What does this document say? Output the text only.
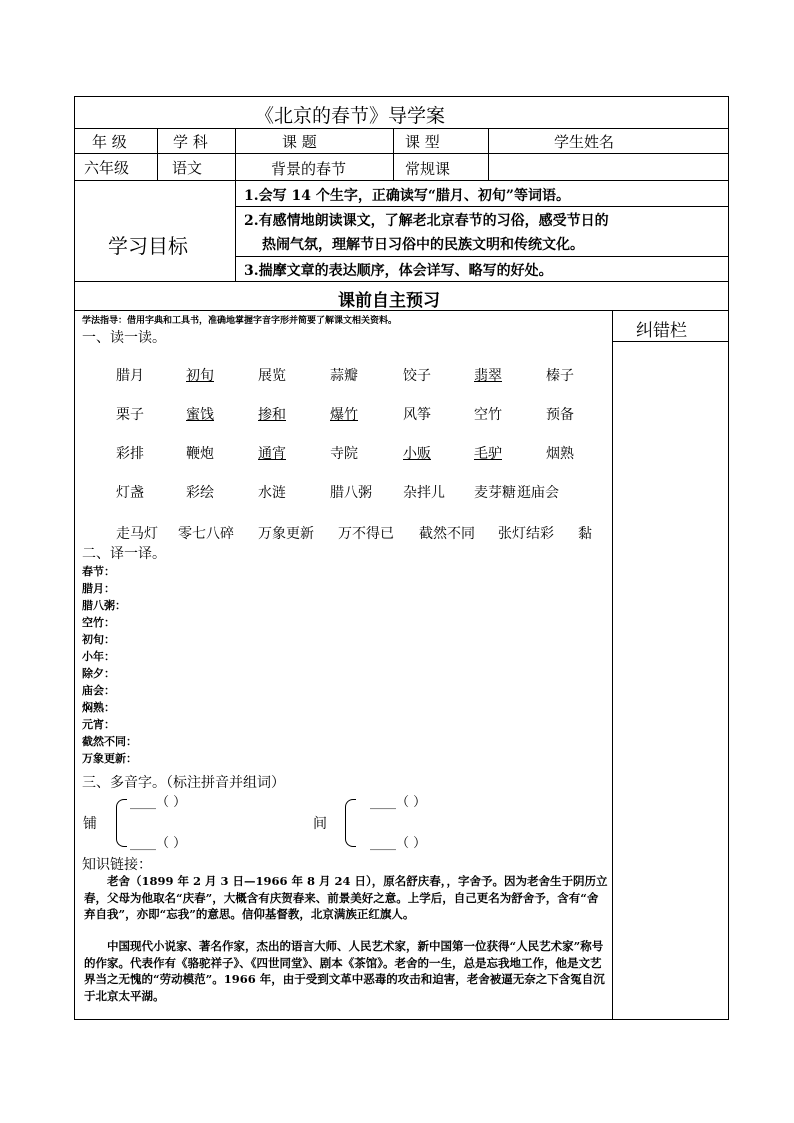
《北京的春节》导学案
年 级	学 科	课 题	课 型	学生姓名
六年级	语文	背景的春节	常规课
学习目标
1.会写 14 个生字，正确读写“腊月、初旬”等词语。
2.有感情地朗读课文，了解老北京春节的习俗，感受节日的
热闹气氛，理解节日习俗中的民族文明和传统文化。
3.揣摩文章的表达顺序，体会详写、略写的好处。
课前自主预习
学法指导：借用字典和工具书，准确地掌握字音字形并简要了解课文相关资料。	纠错栏
一、读一读。
腊月	初旬	展览	蒜瓣	饺子	翡翠	榛子
栗子	蜜饯	掺和	爆竹	风筝	空竹	预备
彩排	鞭炮	通宵	寺院	小贩	毛驴	烟熟
灯盏	彩绘	水涟	腊八粥 杂拌儿 麦芽糖 逛庙会
走马灯 零七八碎 万象更新 万不得已 截然不同 张灯结彩 黏
二、译一译。
春节：
腊月：
腊八粥：
空竹：
初旬：
小年：
除夕：
庙会：
焖熟：
元宵：
截然不同：
万象更新：
三、多音字。（标注拼音并组词）
铺
____（ ）
____（ ）
间
____（ ）
____（ ）
知识链接：
老舍（1899 年 2 月 3 日—1966 年 8 月 24 日），原名舒庆春，，字舍予。因为老舍生于阴历立春，父母为他取名“庆春”，大概含有庆贺春来、前景美好之意。上学后，自己更名为舒舍予，含有“舍弃自我”，亦即“忘我”的意思。信仰基督教，北京满族正红旗人。
中国现代小说家、著名作家，杰出的语言大师、人民艺术家，新中国第一位获得“人民艺术家”称号的作家。代表作有《骆驼祥子》、《四世同堂》、剧本《茶馆》。老舍的一生，总是忘我地工作，他是文艺界当之无愧的“劳动模范”。1966 年，由于受到文革中恶毒的攻击和迫害，老舍被逼无奈之下含冤自沉于北京太平湖。
